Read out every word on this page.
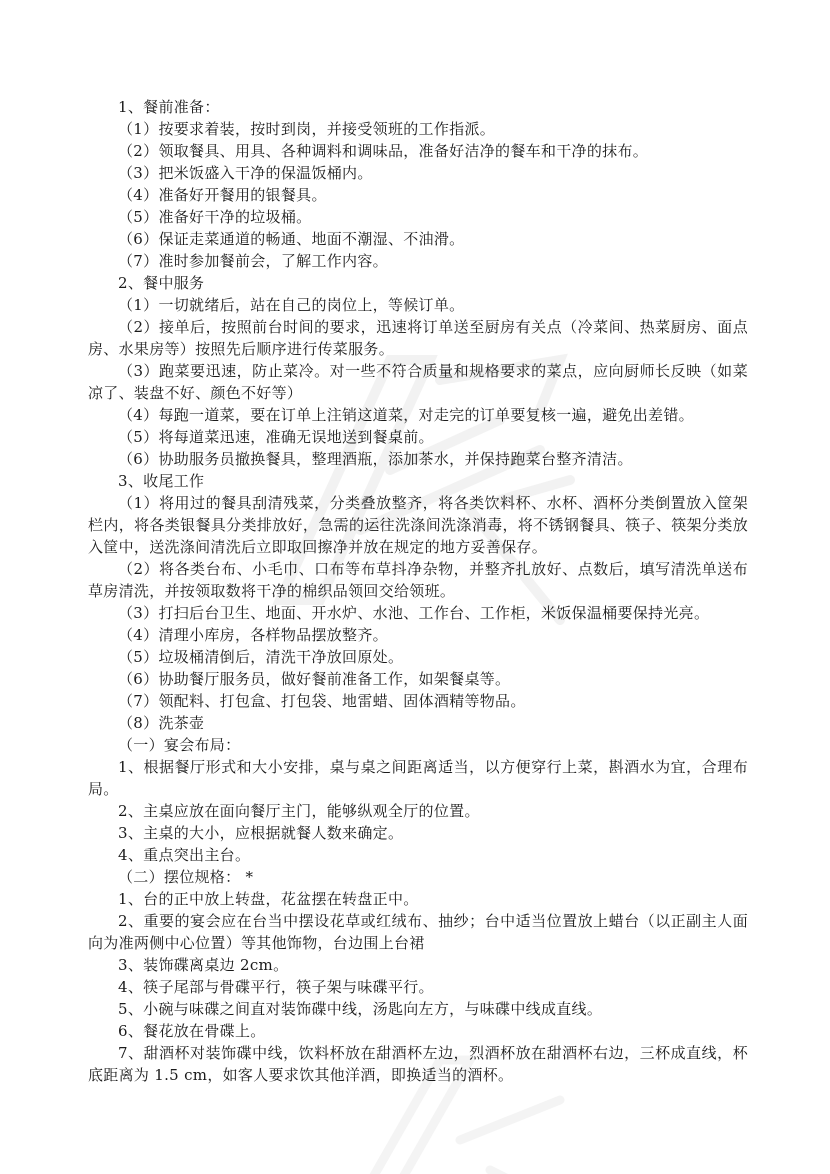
1、餐前准备：

（1）按要求着装，按时到岗，并接受领班的工作指派。

（2）领取餐具、用具、各种调料和调味品，准备好洁净的餐车和干净的抹布。

（3）把米饭盛入干净的保温饭桶内。

（4）准备好开餐用的银餐具。

（5）准备好干净的垃圾桶。

（6）保证走菜通道的畅通、地面不潮湿、不油滑。

（7）准时参加餐前会，了解工作内容。

2、餐中服务

（1）一切就绪后，站在自己的岗位上，等候订单。

（2）接单后，按照前台时间的要求，迅速将订单送至厨房有关点（冷菜间、热菜厨房、面点房、水果房等）按照先后顺序进行传菜服务。

（3）跑菜要迅速，防止菜冷。对一些不符合质量和规格要求的菜点，应向厨师长反映（如菜凉了、装盘不好、颜色不好等）

（4）每跑一道菜，要在订单上注销这道菜，对走完的订单要复核一遍，避免出差错。

（5）将每道菜迅速，准确无误地送到餐桌前。

（6）协助服务员撤换餐具，整理酒瓶，添加茶水，并保持跑菜台整齐清洁。

3、收尾工作

（1）将用过的餐具刮清残菜，分类叠放整齐，将各类饮料杯、水杯、酒杯分类倒置放入筐架栏内，将各类银餐具分类排放好，急需的运往洗涤间洗涤消毒，将不锈钢餐具、筷子、筷架分类放入筐中，送洗涤间清洗后立即取回擦净并放在规定的地方妥善保存。

（2）将各类台布、小毛巾、口布等布草抖净杂物，并整齐扎放好、点数后，填写清洗单送布草房清洗，并按领取数将干净的棉织品领回交给领班。

（3）打扫后台卫生、地面、开水炉、水池、工作台、工作柜，米饭保温桶要保持光亮。

（4）清理小库房，各样物品摆放整齐。

（5）垃圾桶清倒后，清洗干净放回原处。

（6）协助餐厅服务员，做好餐前准备工作，如架餐桌等。

（7）领配料、打包盒、打包袋、地雷蜡、固体酒精等物品。

（8）洗茶壶

（一）宴会布局：

1、根据餐厅形式和大小安排，桌与桌之间距离适当，以方便穿行上菜，斟酒水为宜，合理布局。

2、主桌应放在面向餐厅主门，能够纵观全厅的位置。

3、主桌的大小，应根据就餐人数来确定。

4、重点突出主台。

（二）摆位规格： *

1、台的正中放上转盘，花盆摆在转盘正中。

2、重要的宴会应在台当中摆设花草或红绒布、抽纱；台中适当位置放上蜡台（以正副主人面向为准两侧中心位置）等其他饰物，台边围上台裙

3、装饰碟离桌边 2cm。

4、筷子尾部与骨碟平行，筷子架与味碟平行。

5、小碗与味碟之间直对装饰碟中线，汤匙向左方，与味碟中线成直线。

6、餐花放在骨碟上。

7、甜酒杯对装饰碟中线，饮料杯放在甜酒杯左边，烈酒杯放在甜酒杯右边，三杯成直线，杯底距离为 1.5 cm，如客人要求饮其他洋酒，即换适当的酒杯。
